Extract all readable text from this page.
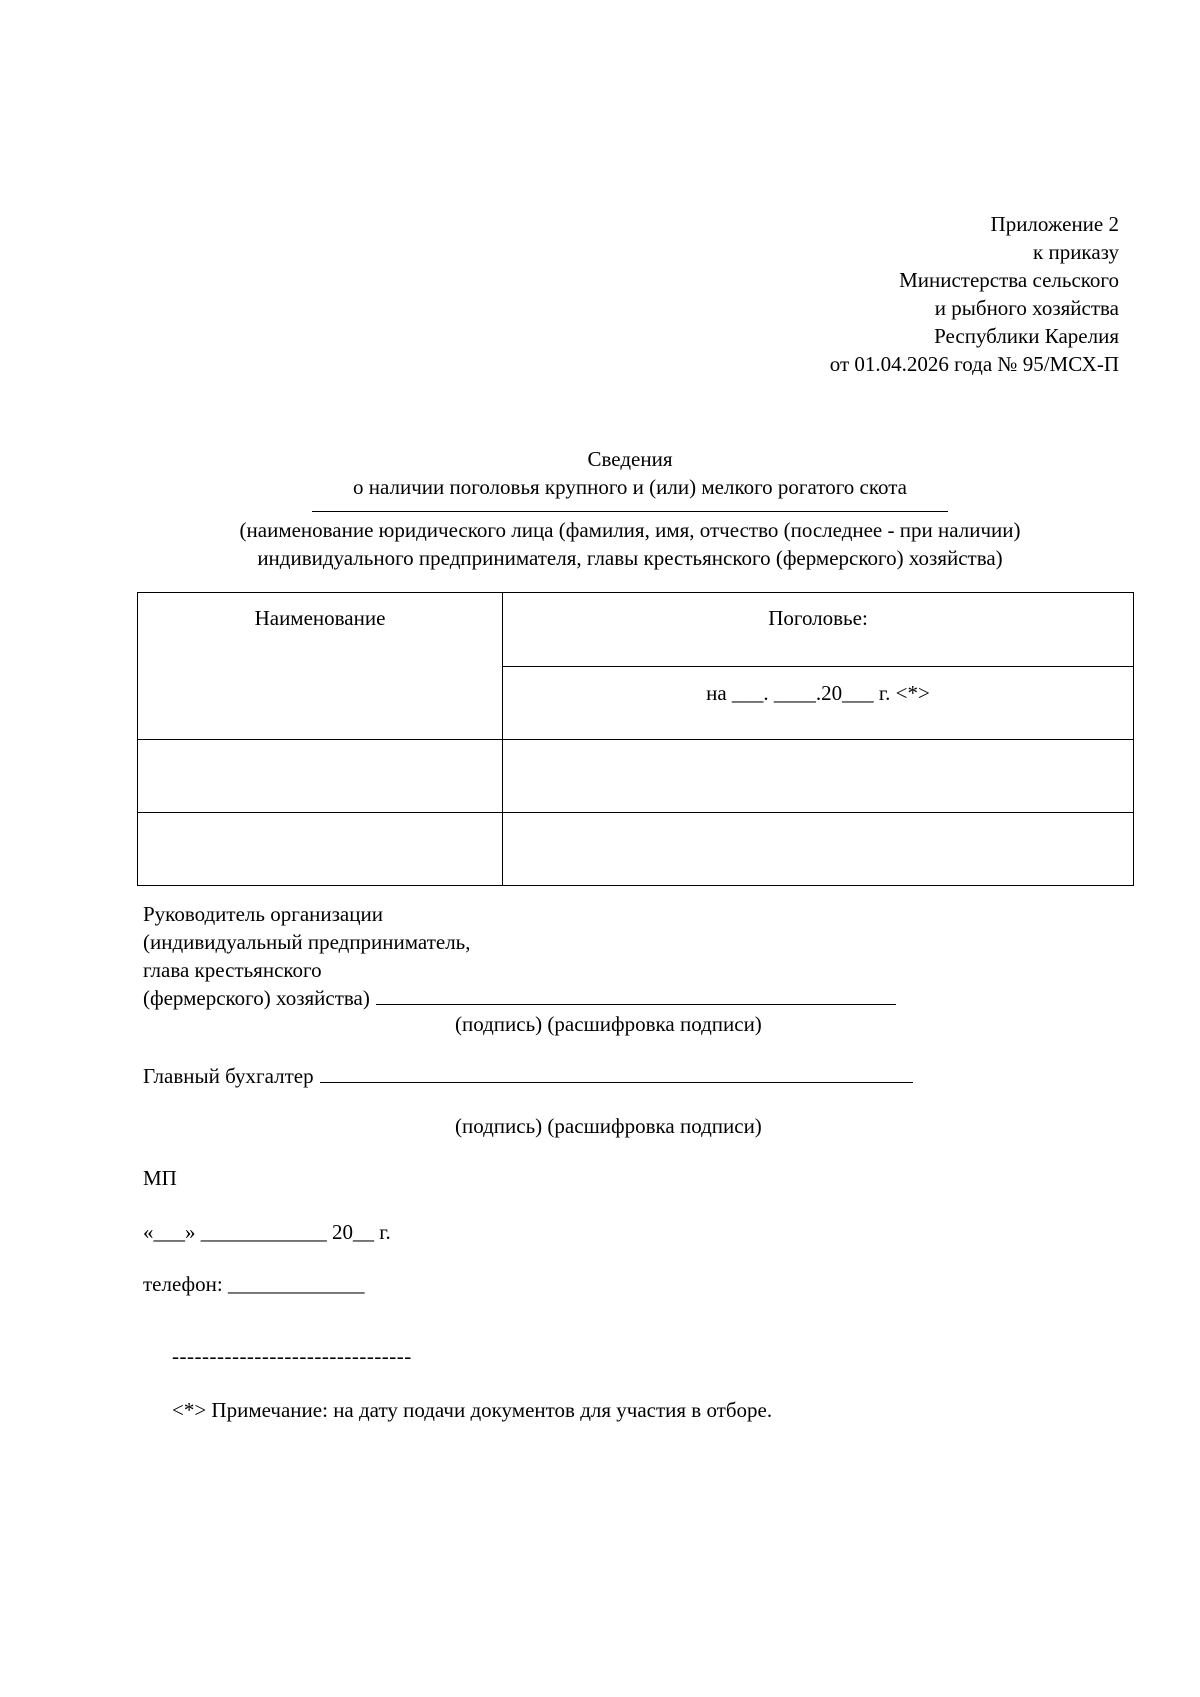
Приложение 2
к приказу
Министерства сельского
и рыбного хозяйства
Республики Карелия
от 01.04.2026 года № 95/МСХ-П
Сведения
о наличии поголовья крупного и (или) мелкого рогатого скота
(наименование юридического лица (фамилия, имя, отчество (последнее - при наличии)
индивидуального предпринимателя, главы крестьянского (фермерского) хозяйства)
Наименование	Поголовье:

	на ___. ____.20___ г. <*>

Руководитель организации
(индивидуальный предприниматель,
глава крестьянского
(фермерского) хозяйства)
(подпись) (расшифровка подписи)
Главный бухгалтер
(подпись) (расшифровка подписи)
МП
«___» ____________ 20__ г.
телефон: _____________
--------------------------------
<*> Примечание: на дату подачи документов для участия в отборе.
